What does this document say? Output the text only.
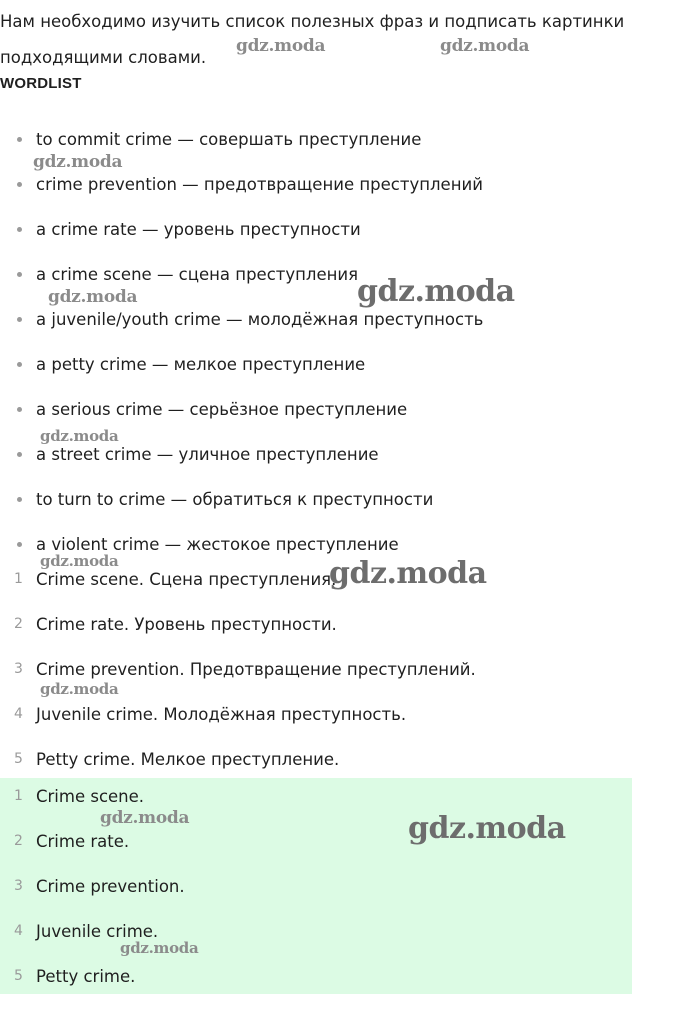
Нам необходимо изучить список полезных фраз и подписать картинки подходящими словами.

WORDLIST
to commit crime — совершать преступление
crime prevention — предотвращение преступлений
a crime rate — уровень преступности
a crime scene — сцена преступления
a juvenile/youth crime — молодёжная преступность
a petty crime — мелкое преступление
a serious crime — серьёзное преступление
a street crime — уличное преступление
to turn to crime — обратиться к преступности
a violent crime — жестокое преступление
1 Crime scene. Сцена преступления.
2 Crime rate. Уровень преступности.
3 Crime prevention. Предотвращение преступлений.
4 Juvenile crime. Молодёжная преступность.
5 Petty crime. Мелкое преступление.
1 Crime scene.
2 Crime rate.
3 Crime prevention.
4 Juvenile crime.
5 Petty crime.
gdz.moda	gdz.moda
gdz.moda
gdz.moda	gdz.moda
gdz.moda
gdz.moda	gdz.moda
gdz.moda
gdz.moda	gdz.moda
gdz.moda
